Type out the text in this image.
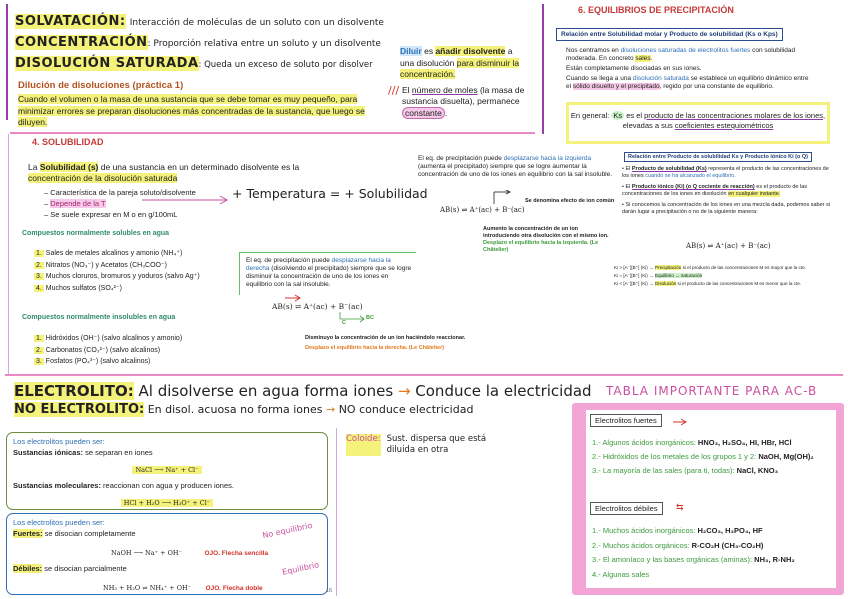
SOLVATACIÓN: Interacción de moléculas de un soluto con un disolvente
CONCENTRACIÓN: Proporción relativa entre un soluto y un disolvente
DISOLUCIÓN SATURADA: Queda un exceso de soluto por disolver
Dilución de disoluciones (práctica 1)
Cuando el volumen o la masa de una sustancia que se debe tomar es muy pequeño, para minimizar errores se preparan disoluciones más concentradas de la sustancia, que luego se diluyen.
Diluir es añadir disolvente a una disolución para disminuir la concentración.
/// El número de moles (la masa de sustancia disuelta), permanece constante .
4. SOLUBILIDAD
La Solubilidad (s) de una sustancia en un determinado disolvente es la concentración de la disolución saturada
– Característica de la pareja soluto/disolvente
– Depende de la T
– Se suele expresar en M o en g/100mL
+ Temperatura = + Solubilidad
Compuestos normalmente solubles en agua
1. Sales de metales alcalinos y amonio (NH₄⁺)
2. Nitratos (NO₃⁻) y Acetatos (CH₃COO⁻)
3. Muchos cloruros, bromuros y yoduros (salvo Ag⁺)
4. Muchos sulfatos (SO₄²⁻)
Compuestos normalmente insolubles en agua
1. Hidróxidos (OH⁻) (salvo alcalinos y amonio)
2. Carbonatos (CO₃²⁻) (salvo alcalinos)
3. Fosfatos (PO₄³⁻) (salvo alcalinos)
El eq. de precipitación puede desplazarse hacia la izquierda (aumenta el precipitado) siempre que se logre aumentar la concentración de uno de los iones en equilibrio con la sal insoluble.
AB(s) ⇌ A⁺(ac) + B⁻(ac)
Se denomina efecto de ion común
Aumento la concentración de un ion introduciendo otra disolución con el mismo ion.
Desplazo el equilibrio hacia la izquierda. (Le Châtelier)
El eq. de precipitación puede desplazarse hacia la derecha (disolviendo el precipitado) siempre que se logre disminuir la concentración de uno de los iones en equilibrio con la sal insoluble.
AB(s) ⇌ A⁺(ac) + B⁻(ac)
C
BC
Disminuyo la concentración de un ion haciéndolo reaccionar.
Desplazo el equilibrio hacia la derecha. (Le Châtelier)
6. EQUILIBRIOS DE PRECIPITACIÓN
Relación entre Solubilidad molar y Producto de solubilidad (Ks o Kps)
Nos centramos en disoluciones saturadas de electrolitos fuertes con solubilidad moderada. En concreto sales.
Están completamente disociadas en sus iones.
Cuando se llega a una disolución saturada se establece un equilibrio dinámico entre el sólido disuelto y el precipitado, regido por una constante de equilibrio.
En general: Ks es el producto de las concentraciones molares de los iones, elevadas a sus coeficientes estequiométricos
Relación entre Producto de solubilidad Ks y Producto iónico Ki (o Q)
• El Producto de solubilidad (Ks) representa el producto de las concentraciones de los iones cuando se ha alcanzado el equilibrio.
• El Producto iónico (Ki) (o Q cociente de reacción) es el producto de las concentraciones de los iones en disolución en cualquier instante.
• Si conocemos la concentración de los iones en una mezcla dada, podemos saber si darán lugar a precipitación o no de la siguiente manera:
AB(s) ⇌ A⁺(ac) + B⁻(ac)
Ki > [A⁻][B⁺] (Ki) → Precipitación si el producto de las concentraciones M es mayor que la cte.
Ki = [A⁻][B⁺] (Ki) → Equilibrio → saturación
Ki < [A⁻][B⁺] (Ki) → Disolución si el producto de las concentraciones M es menor que la cte.
ELECTROLITO: Al disolverse en agua forma iones → Conduce la electricidad
NO ELECTROLITO: En disol. acuosa no forma iones → NO conduce electricidad
TABLA IMPORTANTE PARA AC-B
Los electrolitos pueden ser:
Sustancias iónicas: se separan en iones
NaCl ⟶ Na⁺ + Cl⁻
Sustancias moleculares: reaccionan con agua y producen iones.
HCl + H₂O ⟶ H₃O⁺ + Cl⁻
Los electrolitos pueden ser:
Fuertes: se disocian completamente
NaOH ⟶ Na⁺ + OH⁻	OJO. Flecha sencilla
Débiles: se disocian parcialmente
NH₃ + H₂O ⇌ NH₄⁺ + OH⁻ OJO. Flecha doble
No equilibrio
Equilibrio
16
Coloide: Sust. dispersa que está diluida en otra
Electrolitos fuertes
1.- Algunos ácidos inorgánicos: HNO₃, H₂SO₄, HI, HBr, HCl
2.- Hidróxidos de los metales de los grupos 1 y 2: NaOH, Mg(OH)₂
3.- La mayoría de las sales (para ti, todas): NaCl, KNO₃
Electrolitos débiles	⇆
1.- Muchos ácidos inorgánicos: H₂CO₃, H₃PO₄, HF
2.- Muchos ácidos orgánicos: R-CO₂H (CH₃-CO₂H)
3.- El amoníaco y las bases orgánicas (aminas): NH₃, R-NH₂
4.- Algunas sales
